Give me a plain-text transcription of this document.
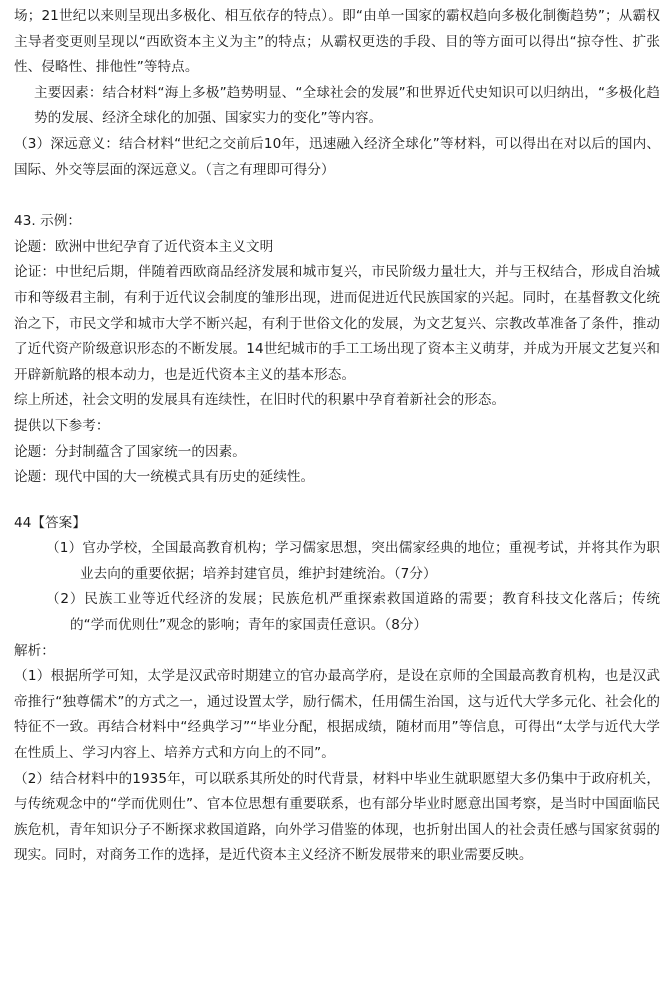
场；21世纪以来则呈现出多极化、相互依存的特点）。即“由单一国家的霸权趋向多极化制衡趋势”；从霸权主导者变更则呈现以“西欧资本主义为主”的特点；从霸权更迭的手段、目的等方面可以得出“掠夺性、扩张性、侵略性、排他性”等特点。

主要因素：结合材料“海上多极”趋势明显、“全球社会的发展”和世界近代史知识可以归纳出，“多极化趋势的发展、经济全球化的加强、国家实力的变化”等内容。

（3）深远意义：结合材料“世纪之交前后10年，迅速融入经济全球化”等材料，可以得出在对以后的国内、国际、外交等层面的深远意义。（言之有理即可得分）

43. 示例：

论题：欧洲中世纪孕育了近代资本主义文明

论证：中世纪后期，伴随着西欧商品经济发展和城市复兴，市民阶级力量壮大，并与王权结合，形成自治城市和等级君主制，有利于近代议会制度的雏形出现，进而促进近代民族国家的兴起。同时，在基督教文化统治之下，市民文学和城市大学不断兴起，有利于世俗文化的发展，为文艺复兴、宗教改革准备了条件，推动了近代资产阶级意识形态的不断发展。14世纪城市的手工工场出现了资本主义萌芽，并成为开展文艺复兴和开辟新航路的根本动力，也是近代资本主义的基本形态。

综上所述，社会文明的发展具有连续性，在旧时代的积累中孕育着新社会的形态。

提供以下参考：

论题：分封制蕴含了国家统一的因素。

论题：现代中国的大一统模式具有历史的延续性。

44【答案】

（1）官办学校，全国最高教育机构；学习儒家思想，突出儒家经典的地位；重视考试，并将其作为职业去向的重要依据；培养封建官员，维护封建统治。（7分）

（2）民族工业等近代经济的发展；民族危机严重探索救国道路的需要；教育科技文化落后；传统的“学而优则仕”观念的影响；青年的家国责任意识。（8分）

解析：

（1）根据所学可知，太学是汉武帝时期建立的官办最高学府，是设在京师的全国最高教育机构，也是汉武帝推行“独尊儒术”的方式之一，通过设置太学，励行儒术，任用儒生治国，这与近代大学多元化、社会化的特征不一致。再结合材料中“经典学习”“毕业分配，根据成绩，随材而用”等信息，可得出“太学与近代大学在性质上、学习内容上、培养方式和方向上的不同”。

（2）结合材料中的1935年，可以联系其所处的时代背景，材料中毕业生就职愿望大多仍集中于政府机关，与传统观念中的“学而优则仕”、官本位思想有重要联系，也有部分毕业时愿意出国考察，是当时中国面临民族危机，青年知识分子不断探求救国道路，向外学习借鉴的体现，也折射出国人的社会责任感与国家贫弱的现实。同时，对商务工作的选择，是近代资本主义经济不断发展带来的职业需要反映。
